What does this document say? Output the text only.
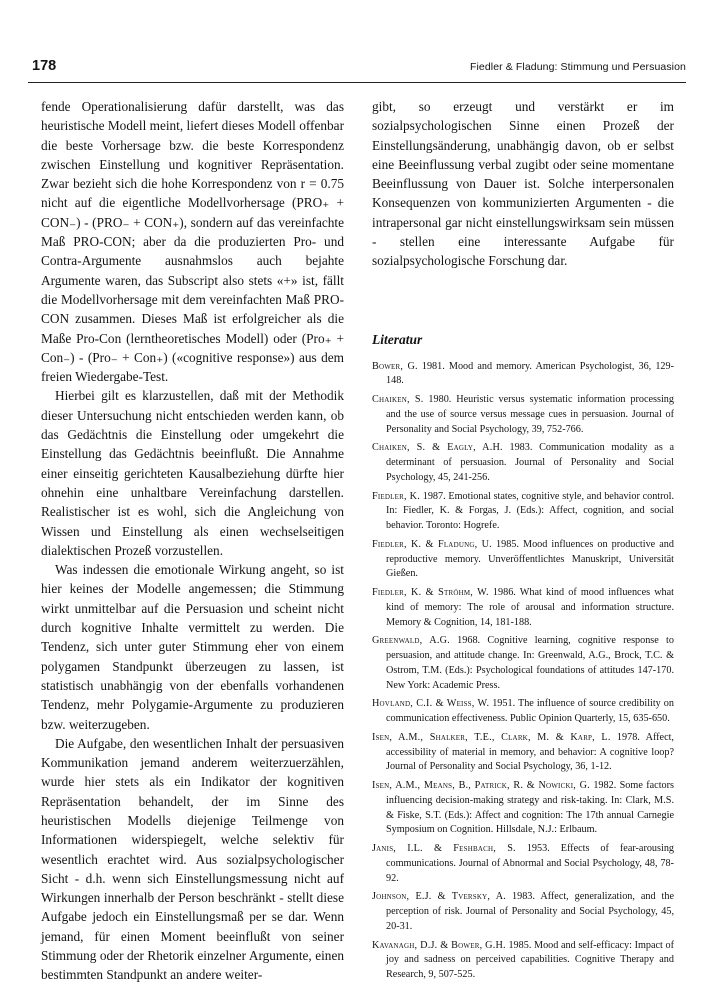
178	Fiedler & Fladung: Stimmung und Persuasion

fende Operationalisierung dafür darstellt, was das heuristische Modell meint, liefert dieses Modell offenbar die beste Vorhersage bzw. die beste Korrespondenz zwischen Einstellung und kognitiver Repräsentation. Zwar bezieht sich die hohe Korrespondenz von r = 0.75 nicht auf die eigentliche Modellvorhersage (PRO₊ + CON₋) - (PRO₋ + CON₊), sondern auf das vereinfachte Maß PRO-CON; aber da die produzierten Pro- und Contra-Argumente ausnahmslos auch bejahte Argumente waren, das Subscript also stets «+» ist, fällt die Modellvorhersage mit dem vereinfachten Maß PRO-CON zusammen. Dieses Maß ist erfolgreicher als die Maße Pro-Con (lerntheoretisches Modell) oder (Pro₊ + Con₋) - (Pro₋ + Con₊) («cognitive response») aus dem freien Wiedergabe-Test.

Hierbei gilt es klarzustellen, daß mit der Methodik dieser Untersuchung nicht entschieden werden kann, ob das Gedächtnis die Einstellung oder umgekehrt die Einstellung das Gedächtnis beeinflußt. Die Annahme einer einseitig gerichteten Kausalbeziehung dürfte hier ohnehin eine unhaltbare Vereinfachung darstellen. Realistischer ist es wohl, sich die Angleichung von Wissen und Einstellung als einen wechselseitigen dialektischen Prozeß vorzustellen.

Was indessen die emotionale Wirkung angeht, so ist hier keines der Modelle angemessen; die Stimmung wirkt unmittelbar auf die Persuasion und scheint nicht durch kognitive Inhalte vermittelt zu werden. Die Tendenz, sich unter guter Stimmung eher von einem polygamen Standpunkt überzeugen zu lassen, ist statistisch unabhängig von der ebenfalls vorhandenen Tendenz, mehr Polygamie-Argumente zu produzieren bzw. weiterzugeben.

Die Aufgabe, den wesentlichen Inhalt der persuasiven Kommunikation jemand anderem weiterzuerzählen, wurde hier stets als ein Indikator der kognitiven Repräsentation behandelt, der im Sinne des heuristischen Modells diejenige Teilmenge von Informationen widerspiegelt, welche selektiv für wesentlich erachtet wird. Aus sozialpsychologischer Sicht - d.h. wenn sich Einstellungsmessung nicht auf Wirkungen innerhalb der Person beschränkt - stellt diese Aufgabe jedoch ein Einstellungsmaß per se dar. Wenn jemand, für einen Moment beeinflußt von seiner Stimmung oder der Rhetorik einzelner Argumente, einen bestimmten Standpunkt an andere weiter-

gibt, so erzeugt und verstärkt er im sozialpsychologischen Sinne einen Prozeß der Einstellungsänderung, unabhängig davon, ob er selbst eine Beeinflussung verbal zugibt oder seine momentane Beeinflussung von Dauer ist. Solche interpersonalen Konsequenzen von kommunizierten Argumenten - die intrapersonal gar nicht einstellungswirksam sein müssen - stellen eine interessante Aufgabe für sozialpsychologische Forschung dar.

Literatur
Bower, G. 1981. Mood and memory. American Psychologist, 36, 129-148.
Chaiken, S. 1980. Heuristic versus systematic information processing and the use of source versus message cues in persuasion. Journal of Personality and Social Psychology, 39, 752-766.
Chaiken, S. & Eagly, A.H. 1983. Communication modality as a determinant of persuasion. Journal of Personality and Social Psychology, 45, 241-256.
Fiedler, K. 1987. Emotional states, cognitive style, and behavior control. In: Fiedler, K. & Forgas, J. (Eds.): Affect, cognition, and social behavior. Toronto: Hogrefe.
Fiedler, K. & Fladung, U. 1985. Mood influences on productive and reproductive memory. Unveröffentlichtes Manuskript, Universität Gießen.
Fiedler, K. & Ströhm, W. 1986. What kind of mood influences what kind of memory: The role of arousal and information structure. Memory & Cognition, 14, 181-188.
Greenwald, A.G. 1968. Cognitive learning, cognitive response to persuasion, and attitude change. In: Greenwald, A.G., Brock, T.C. & Ostrom, T.M. (Eds.): Psychological foundations of attitudes 147-170. New York: Academic Press.
Hovland, C.I. & Weiss, W. 1951. The influence of source credibility on communication effectiveness. Public Opinion Quarterly, 15, 635-650.
Isen, A.M., Shalker, T.E., Clark, M. & Karp, L. 1978. Affect, accessibility of material in memory, and behavior: A cognitive loop? Journal of Personality and Social Psychology, 36, 1-12.
Isen, A.M., Means, B., Patrick, R. & Nowicki, G. 1982. Some factors influencing decision-making strategy and risk-taking. In: Clark, M.S. & Fiske, S.T. (Eds.): Affect and cognition: The 17th annual Carnegie Symposium on Cognition. Hillsdale, N.J.: Erlbaum.
Janis, I.L. & Feshbach, S. 1953. Effects of fear-arousing communications. Journal of Abnormal and Social Psychology, 48, 78-92.
Johnson, E.J. & Tversky, A. 1983. Affect, generalization, and the perception of risk. Journal of Personality and Social Psychology, 45, 20-31.
Kavanagh, D.J. & Bower, G.H. 1985. Mood and self-efficacy: Impact of joy and sadness on perceived capabilities. Cognitive Therapy and Research, 9, 507-525.
